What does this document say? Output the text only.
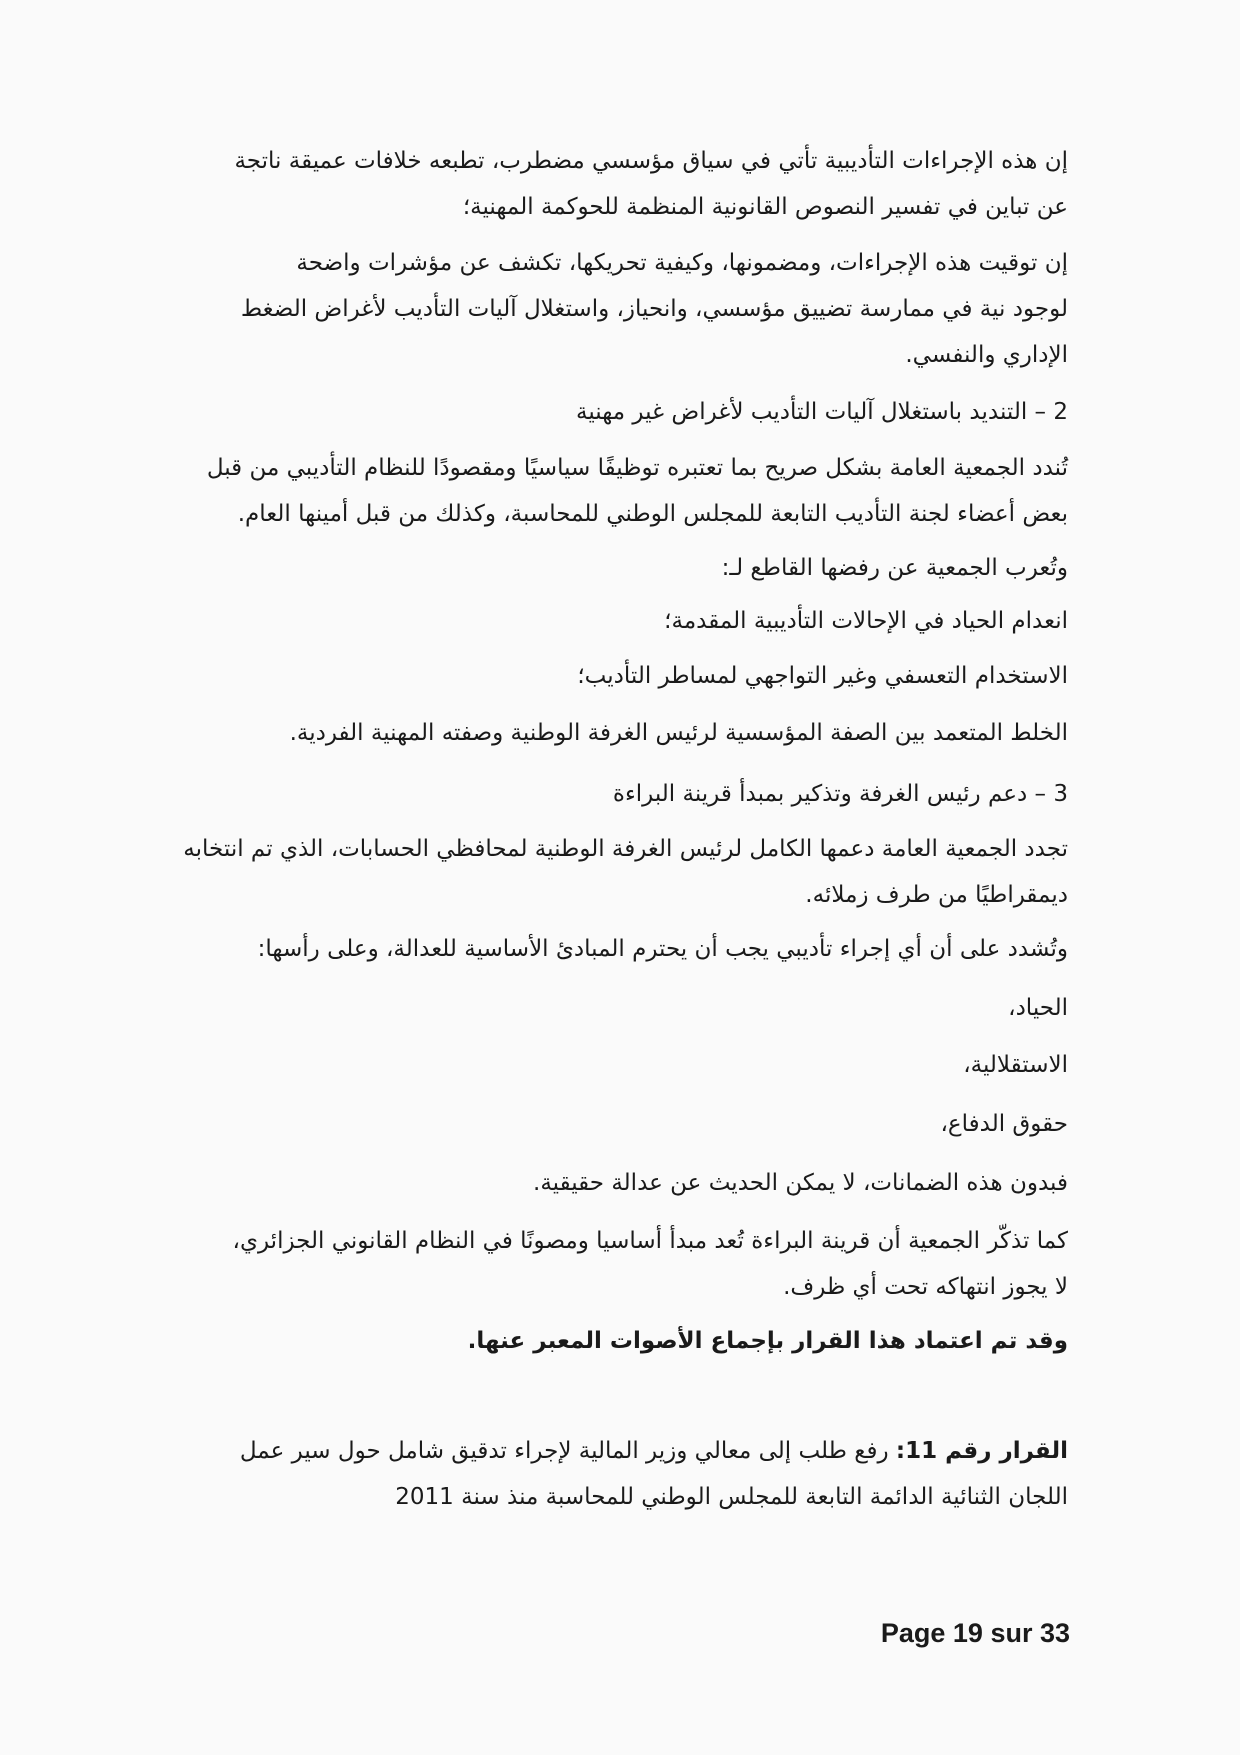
إن هذه الإجراءات التأديبية تأتي في سياق مؤسسي مضطرب، تطبعه خلافات عميقة ناتجة
عن تباين في تفسير النصوص القانونية المنظمة للحوكمة المهنية؛
إن توقيت هذه الإجراءات، ومضمونها، وكيفية تحريكها، تكشف عن مؤشرات واضحة
لوجود نية في ممارسة تضييق مؤسسي، وانحياز، واستغلال آليات التأديب لأغراض الضغط
الإداري والنفسي.
2 – التنديد باستغلال آليات التأديب لأغراض غير مهنية
تُندد الجمعية العامة بشكل صريح بما تعتبره توظيفًا سياسيًا ومقصودًا للنظام التأديبي من قبل
بعض أعضاء لجنة التأديب التابعة للمجلس الوطني للمحاسبة، وكذلك من قبل أمينها العام.
وتُعرب الجمعية عن رفضها القاطع لـ:
انعدام الحياد في الإحالات التأديبية المقدمة؛
الاستخدام التعسفي وغير التواجهي لمساطر التأديب؛
الخلط المتعمد بين الصفة المؤسسية لرئيس الغرفة الوطنية وصفته المهنية الفردية.
3 – دعم رئيس الغرفة وتذكير بمبدأ قرينة البراءة
تجدد الجمعية العامة دعمها الكامل لرئيس الغرفة الوطنية لمحافظي الحسابات، الذي تم انتخابه
ديمقراطيًا من طرف زملائه.
وتُشدد على أن أي إجراء تأديبي يجب أن يحترم المبادئ الأساسية للعدالة، وعلى رأسها:
الحياد،
الاستقلالية،
حقوق الدفاع،
فبدون هذه الضمانات، لا يمكن الحديث عن عدالة حقيقية.
كما تذكّر الجمعية أن قرينة البراءة تُعد مبدأ أساسيا ومصونًا في النظام القانوني الجزائري،
لا يجوز انتهاكه تحت أي ظرف.
وقد تم اعتماد هذا القرار بإجماع الأصوات المعبر عنها.
القرار رقم 11: رفع طلب إلى معالي وزير المالية لإجراء تدقيق شامل حول سير عمل
اللجان الثنائية الدائمة التابعة للمجلس الوطني للمحاسبة منذ سنة 2011
Page 19 sur 33
